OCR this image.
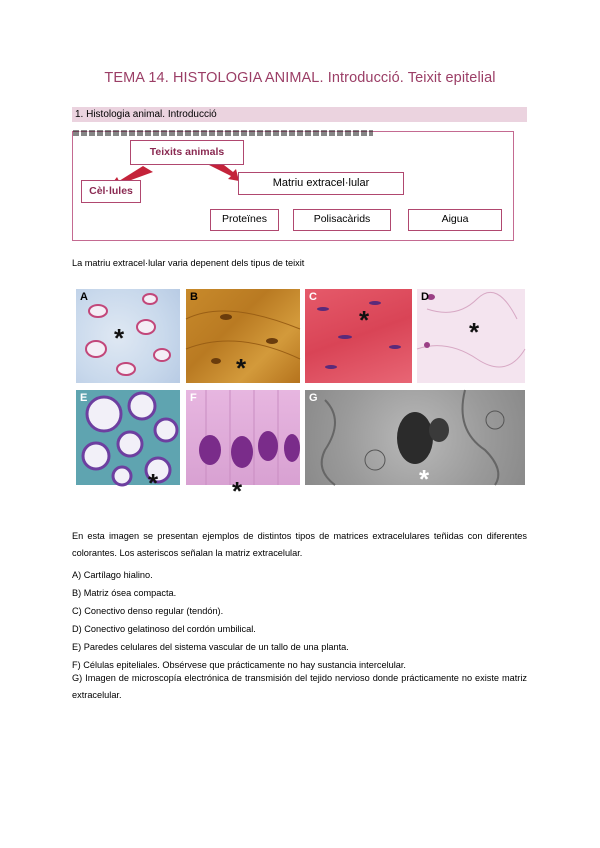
TEMA 14. HISTOLOGIA ANIMAL. Introducció. Teixit epitelial
1. Histologia animal. Introducció
Teixits animals
Cèl·lules
Matriu extracel·lular
Proteïnes	Polisacàrids	Aigua
La matriu extracel·lular varia depenent dels tipus de teixit
A
*
B
*
C
*
D
*
E
*
F
*
G
*
En esta imagen se presentan ejemplos de distintos tipos de matrices extracelulares teñidas con diferentes colorantes. Los asteriscos señalan la matriz extracelular.
A) Cartílago hialino.
B) Matriz ósea compacta.
C) Conectivo denso regular (tendón).
D) Conectivo gelatinoso del cordón umbilical.
E) Paredes celulares del sistema vascular de un tallo de una planta.
F) Células epiteliales. Obsérvese que prácticamente no hay sustancia intercelular.
G) Imagen de microscopía electrónica de transmisión del tejido nervioso donde prácticamente no existe matriz extracelular.
